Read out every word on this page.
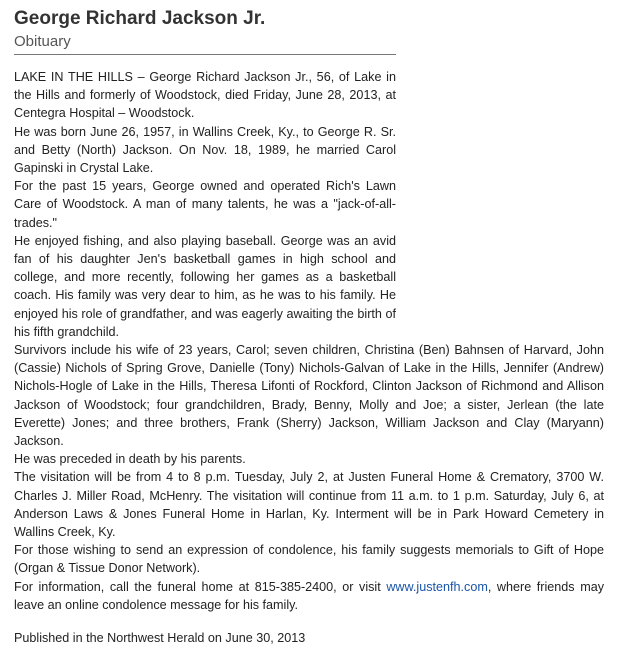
George Richard Jackson Jr.

Obituary

LAKE IN THE HILLS – George Richard Jackson Jr., 56, of Lake in the Hills and formerly of Woodstock, died Friday, June 28, 2013, at Centegra Hospital – Woodstock.

He was born June 26, 1957, in Wallins Creek, Ky., to George R. Sr. and Betty (North) Jackson. On Nov. 18, 1989, he married Carol Gapinski in Crystal Lake.

For the past 15 years, George owned and operated Rich's Lawn Care of Woodstock. A man of many talents, he was a "jack-of-all-trades."

He enjoyed fishing, and also playing baseball. George was an avid fan of his daughter Jen's basketball games in high school and college, and more recently, following her games as a basketball coach. His family was very dear to him, as he was to his family. He enjoyed his role of grandfather, and was eagerly awaiting the birth of his fifth grandchild.

Survivors include his wife of 23 years, Carol; seven children, Christina (Ben) Bahnsen of Harvard, John (Cassie) Nichols of Spring Grove, Danielle (Tony) Nichols-Galvan of Lake in the Hills, Jennifer (Andrew) Nichols-Hogle of Lake in the Hills, Theresa Lifonti of Rockford, Clinton Jackson of Richmond and Allison Jackson of Woodstock; four grandchildren, Brady, Benny, Molly and Joe; a sister, Jerlean (the late Everette) Jones; and three brothers, Frank (Sherry) Jackson, William Jackson and Clay (Maryann) Jackson.

He was preceded in death by his parents.

The visitation will be from 4 to 8 p.m. Tuesday, July 2, at Justen Funeral Home & Crematory, 3700 W. Charles J. Miller Road, McHenry. The visitation will continue from 11 a.m. to 1 p.m. Saturday, July 6, at Anderson Laws & Jones Funeral Home in Harlan, Ky. Interment will be in Park Howard Cemetery in Wallins Creek, Ky.

For those wishing to send an expression of condolence, his family suggests memorials to Gift of Hope (Organ & Tissue Donor Network).

For information, call the funeral home at 815-385-2400, or visit www.justenfh.com, where friends may leave an online condolence message for his family.

Published in the Northwest Herald on June 30, 2013
